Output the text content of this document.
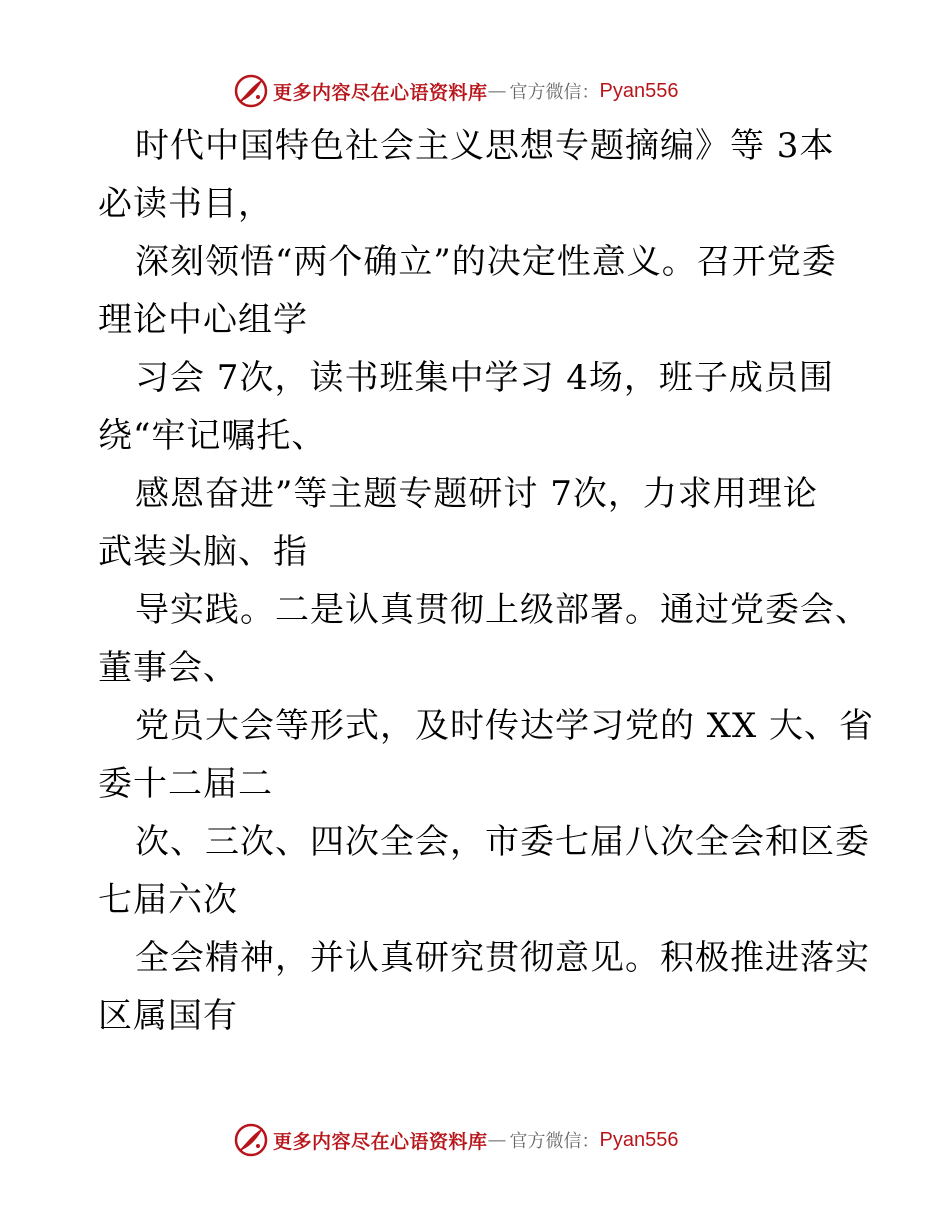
更多内容尽在心语资料库 — 官方微信： Pyan556
时代中国特色社会主义思想专题摘编》等 3本
必读书目，
深刻领悟“两个确立”的决定性意义。召开党委
理论中心组学
习会 7次，读书班集中学习 4场，班子成员围
绕“牢记嘱托、
感恩奋进”等主题专题研讨 7次，力求用理论
武装头脑、指
导实践。二是认真贯彻上级部署。通过党委会、
董事会、
党员大会等形式，及时传达学习党的 XX 大、省
委十二届二
次、三次、四次全会，市委七届八次全会和区委
七届六次
全会精神，并认真研究贯彻意见。积极推进落实
区属国有
更多内容尽在心语资料库 — 官方微信： Pyan556
